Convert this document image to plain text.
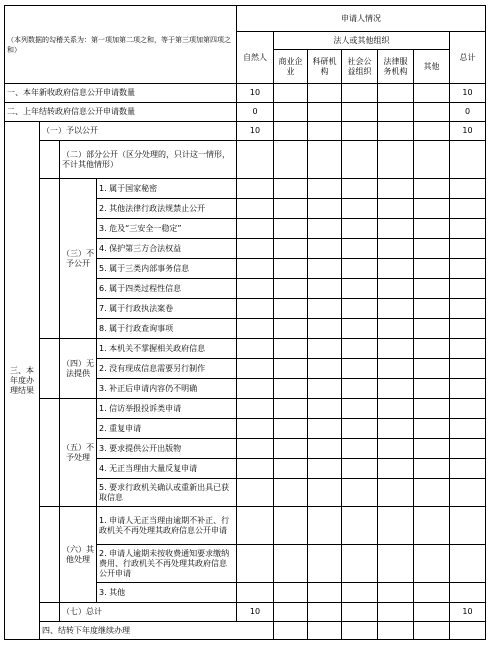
（本列数据的勾稽关系为：第一项加第二项之和，等于第三项加第四项之和）				申请人情况							
				自然人	法人或其他组织					总计	
					商业企业	科研机构	社会公益组织	法律服务机构	其他		
一、本年新收政府信息公开申请数量				10						10	
二、上年结转政府信息公开申请数量				0						0	
三、本年度办理结果	（一）予以公开			10						10	
		（二）部分公开（区分处理的，只计这一情形，不计其他情形）									
		（三）不予公开	1. 属于国家秘密								
			2. 其他法律行政法规禁止公开								
			3. 危及“三安全一稳定”								
			4. 保护第三方合法权益								
			5. 属于三类内部事务信息								
			6. 属于四类过程性信息								
			7. 属于行政执法案卷								
			8. 属于行政查询事项								
		（四）无法提供	1. 本机关不掌握相关政府信息								
			2. 没有现成信息需要另行制作								
			3. 补正后申请内容仍不明确								
		（五）不予处理	1. 信访举报投诉类申请								
			2. 重复申请								
			3. 要求提供公开出版物								
			4. 无正当理由大量反复申请								
			5. 要求行政机关确认或重新出具已获取信息								
		（六）其他处理	1. 申请人无正当理由逾期不补正、行政机关不再处理其政府信息公开申请								
			2. 申请人逾期未按收费通知要求缴纳费用、行政机关不再处理其政府信息公开申请								
			3. 其他								
		（七）总计		10						10	
	四、结转下年度继续办理										
